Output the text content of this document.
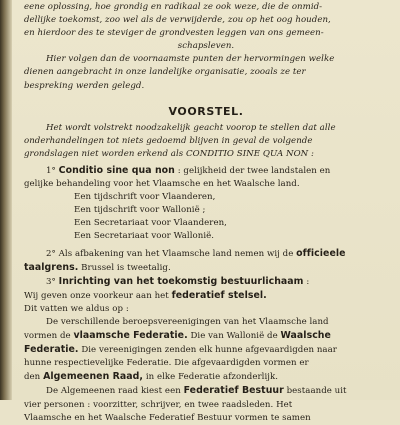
eene oplossing, hoe grondig en radikaal ze ook weze, die de onmid-
dellijke toekomst, zoo wel als de verwijderde, zou op het oog houden,
en hierdoor des te steviger de grondvesten leggen van ons gemeen-
schapsleven.
Hier volgen dan de voornaamste punten der hervormingen welke
dienen aangebracht in onze landelijke organisatie, zooals ze ter
bespreking werden gelegd.
VOORSTEL.
Het wordt volstrekt noodzakelijk geacht voorop te stellen dat alle
onderhandelingen tot niets gedoemd blijven in geval de volgende
grondslagen niet worden erkend als CONDITIO SINE QUA NON :
1° Conditio sine qua non : gelijkheid der twee landstalen en
gelijke behandeling voor het Vlaamsche en het Waalsche land.
Een tijdschrift voor Vlaanderen,
Een tijdschrift voor Wallonië ;
Een Secretariaat voor Vlaanderen,
Een Secretariaat voor Wallonië.
2° Als afbakening van het Vlaamsche land nemen wij de officieele
taalgrens. Brussel is tweetalig.
3° Inrichting van het toekomstig bestuurlichaam :
Wij geven onze voorkeur aan het federatief stelsel.
Dit vatten we aldus op :
De verschillende beroepsvereenigingen van het Vlaamsche land
vormen de vlaamsche Federatie. Die van Wallonië de Waalsche
Federatie. Die vereenigingen zenden elk hunne afgevaardigden naar
hunne respectievelijke Federatie. Die afgevaardigden vormen er
den Algemeenen Raad, in elke Federatie afzonderlijk.
De Algemeenen raad kiest een Federatief Bestuur bestaande uit
vier personen : voorzitter, schrijver, en twee raadsleden. Het
Vlaamsche en het Waalsche Federatief Bestuur vormen te samen
